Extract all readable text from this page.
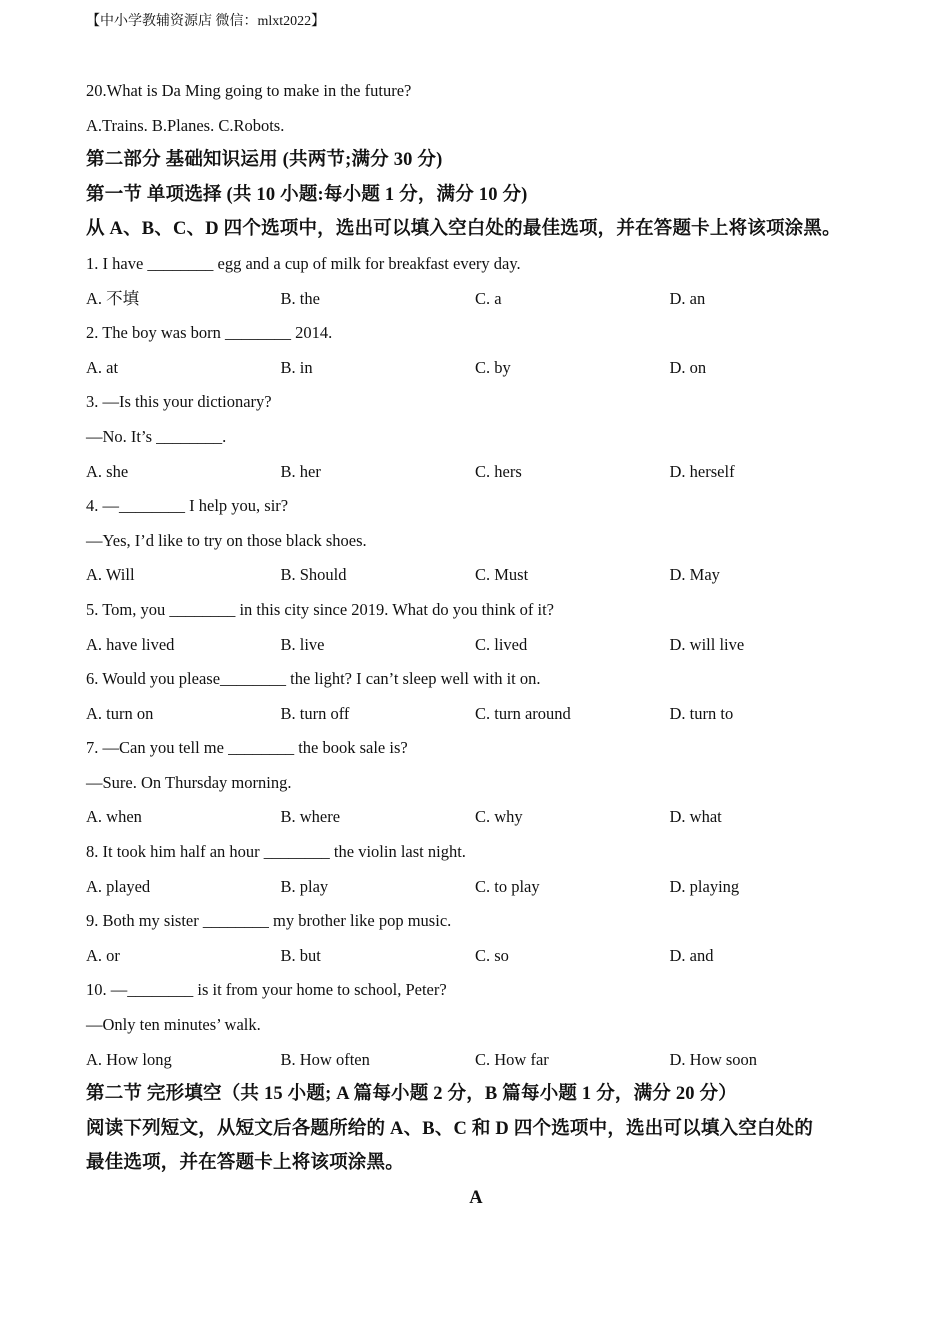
【中小学教辅资源店 微信：mlxt2022】
20.What is Da Ming going to make in the future?
A.Trains. B.Planes. C.Robots.
第二部分 基础知识运用 (共两节;满分 30 分)
第一节 单项选择 (共 10 小题:每小题 1 分，满分 10 分)
从 A、B、C、D 四个选项中，选出可以填入空白处的最佳选项，并在答题卡上将该项涂黑。
1. I have ________ egg and a cup of milk for breakfast every day.
A. 不填	B. the	C. a	D. an
2. The boy was born ________ 2014.
A. at	B. in	C. by	D. on
3. —Is this your dictionary?
—No. It’s ________.
A. she	B. her	C. hers	D. herself
4. —________ I help you, sir?
—Yes, I’d like to try on those black shoes.
A. Will	B. Should	C. Must	D. May
5. Tom, you ________ in this city since 2019. What do you think of it?
A. have lived	B. live	C. lived	D. will live
6. Would you please________ the light? I can’t sleep well with it on.
A. turn on	B. turn off	C. turn around	D. turn to
7. —Can you tell me ________ the book sale is?
—Sure. On Thursday morning.
A. when	B. where	C. why	D. what
8. It took him half an hour ________ the violin last night.
A. played	B. play	C. to play	D. playing
9. Both my sister ________ my brother like pop music.
A. or	B. but	C. so	D. and
10. —________ is it from your home to school, Peter?
—Only ten minutes’ walk.
A. How long	B. How often	C. How far	D. How soon
第二节 完形填空（共 15 小题; A 篇每小题 2 分，B 篇每小题 1 分，满分 20 分）
阅读下列短文，从短文后各题所给的 A、B、C 和 D 四个选项中，选出可以填入空白处的
最佳选项，并在答题卡上将该项涂黑。
A
